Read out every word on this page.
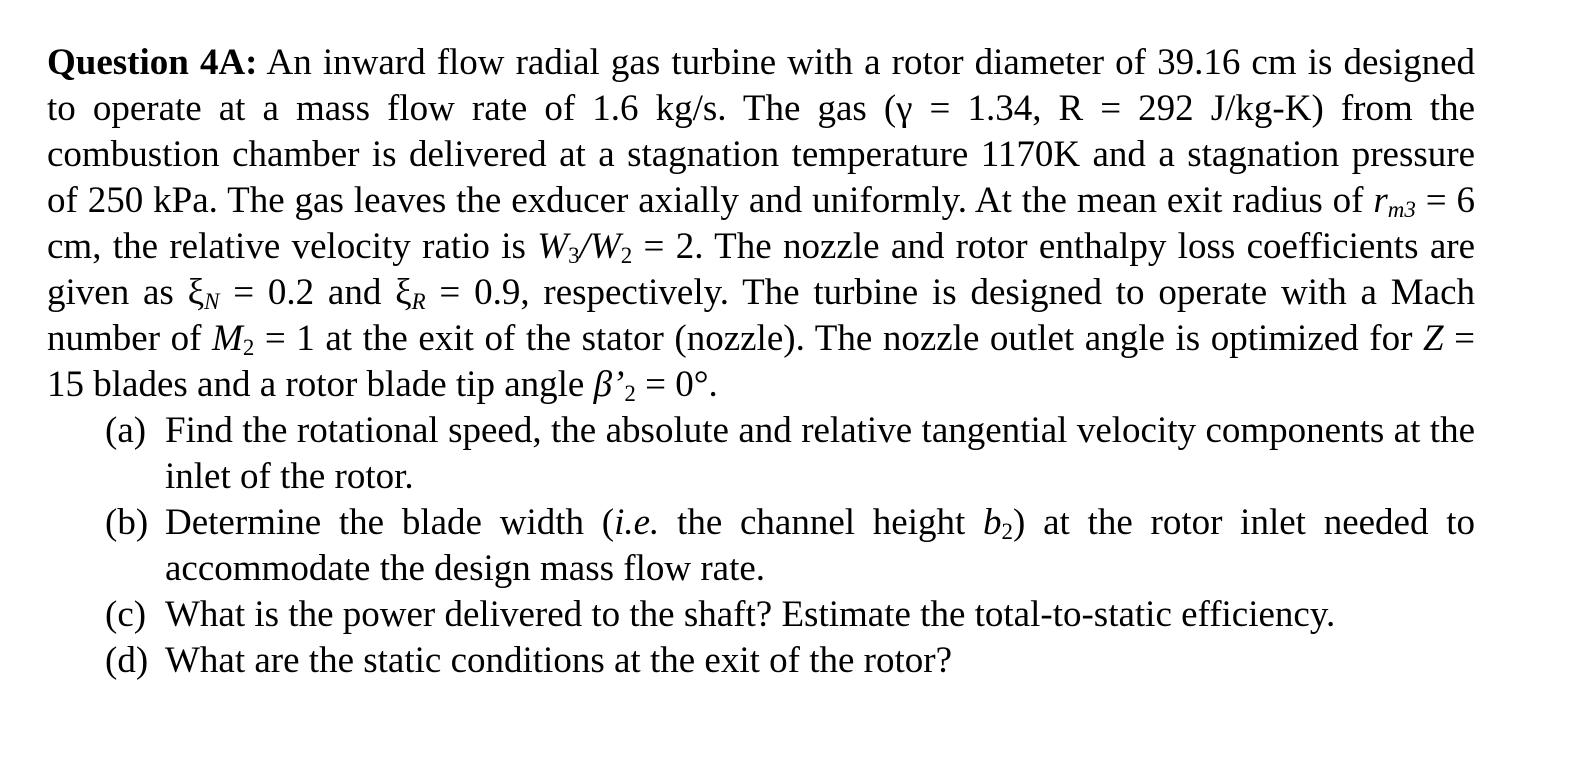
Question 4A: An inward flow radial gas turbine with a rotor diameter of 39.16 cm is designed to operate at a mass flow rate of 1.6 kg/s. The gas (γ = 1.34, R = 292 J/kg-K) from the combustion chamber is delivered at a stagnation temperature 1170K and a stagnation pressure of 250 kPa. The gas leaves the exducer axially and uniformly. At the mean exit radius of $r_{m3} = 6$ cm, the relative velocity ratio is $W_3/W_2 = 2$. The nozzle and rotor enthalpy loss coefficients are given as $\xi_N = 0.2$ and $\xi_R = 0.9$, respectively. The turbine is designed to operate with a Mach number of $M_2 = 1$ at the exit of the stator (nozzle). The nozzle outlet angle is optimized for Z = 15 blades and a rotor blade tip angle $\beta’_2 = 0^\circ$.

(a) Find the rotational speed, the absolute and relative tangential velocity components at the inlet of the rotor.
(b) Determine the blade width (i.e. the channel height $b_2$) at the rotor inlet needed to accommodate the design mass flow rate.
(c) What is the power delivered to the shaft? Estimate the total-to-static efficiency.
(d) What are the static conditions at the exit of the rotor?
